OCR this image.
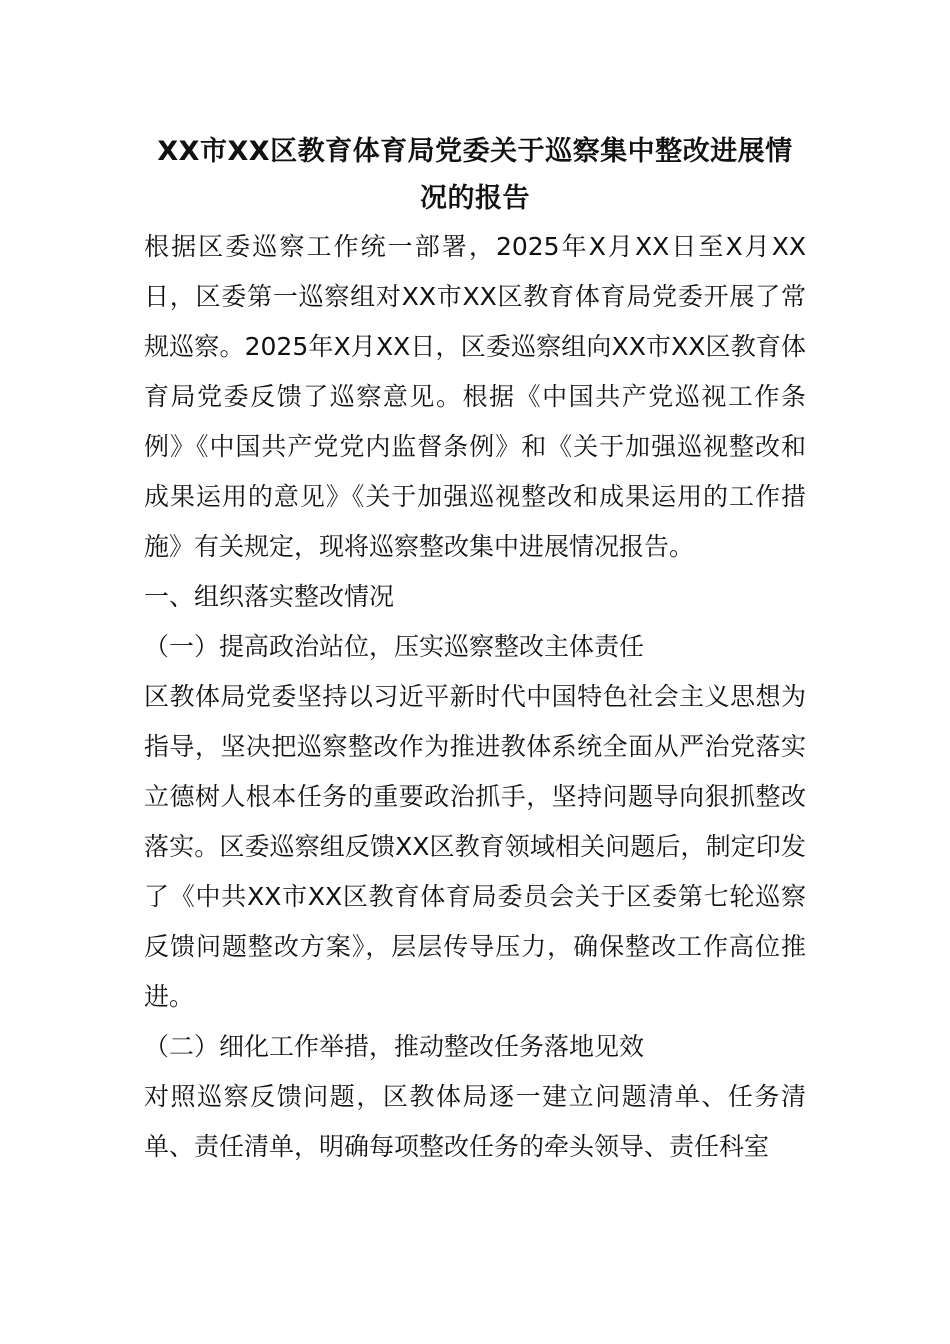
XX市XX区教育体育局党委关于巡察集中整改进展情况的报告

根据区委巡察工作统一部署，2025年X月XX日至X月XX日，区委第一巡察组对XX市XX区教育体育局党委开展了常规巡察。2025年X月XX日，区委巡察组向XX市XX区教育体育局党委反馈了巡察意见。根据《中国共产党巡视工作条例》《中国共产党党内监督条例》和《关于加强巡视整改和成果运用的意见》《关于加强巡视整改和成果运用的工作措施》有关规定，现将巡察整改集中进展情况报告。

一、组织落实整改情况

（一）提高政治站位，压实巡察整改主体责任

区教体局党委坚持以习近平新时代中国特色社会主义思想为指导，坚决把巡察整改作为推进教体系统全面从严治党落实立德树人根本任务的重要政治抓手，坚持问题导向狠抓整改落实。区委巡察组反馈XX区教育领域相关问题后，制定印发了《中共XX市XX区教育体育局委员会关于区委第七轮巡察反馈问题整改方案》，层层传导压力，确保整改工作高位推进。

（二）细化工作举措，推动整改任务落地见效

对照巡察反馈问题，区教体局逐一建立问题清单、任务清单、责任清单，明确每项整改任务的牵头领导、责任科室
